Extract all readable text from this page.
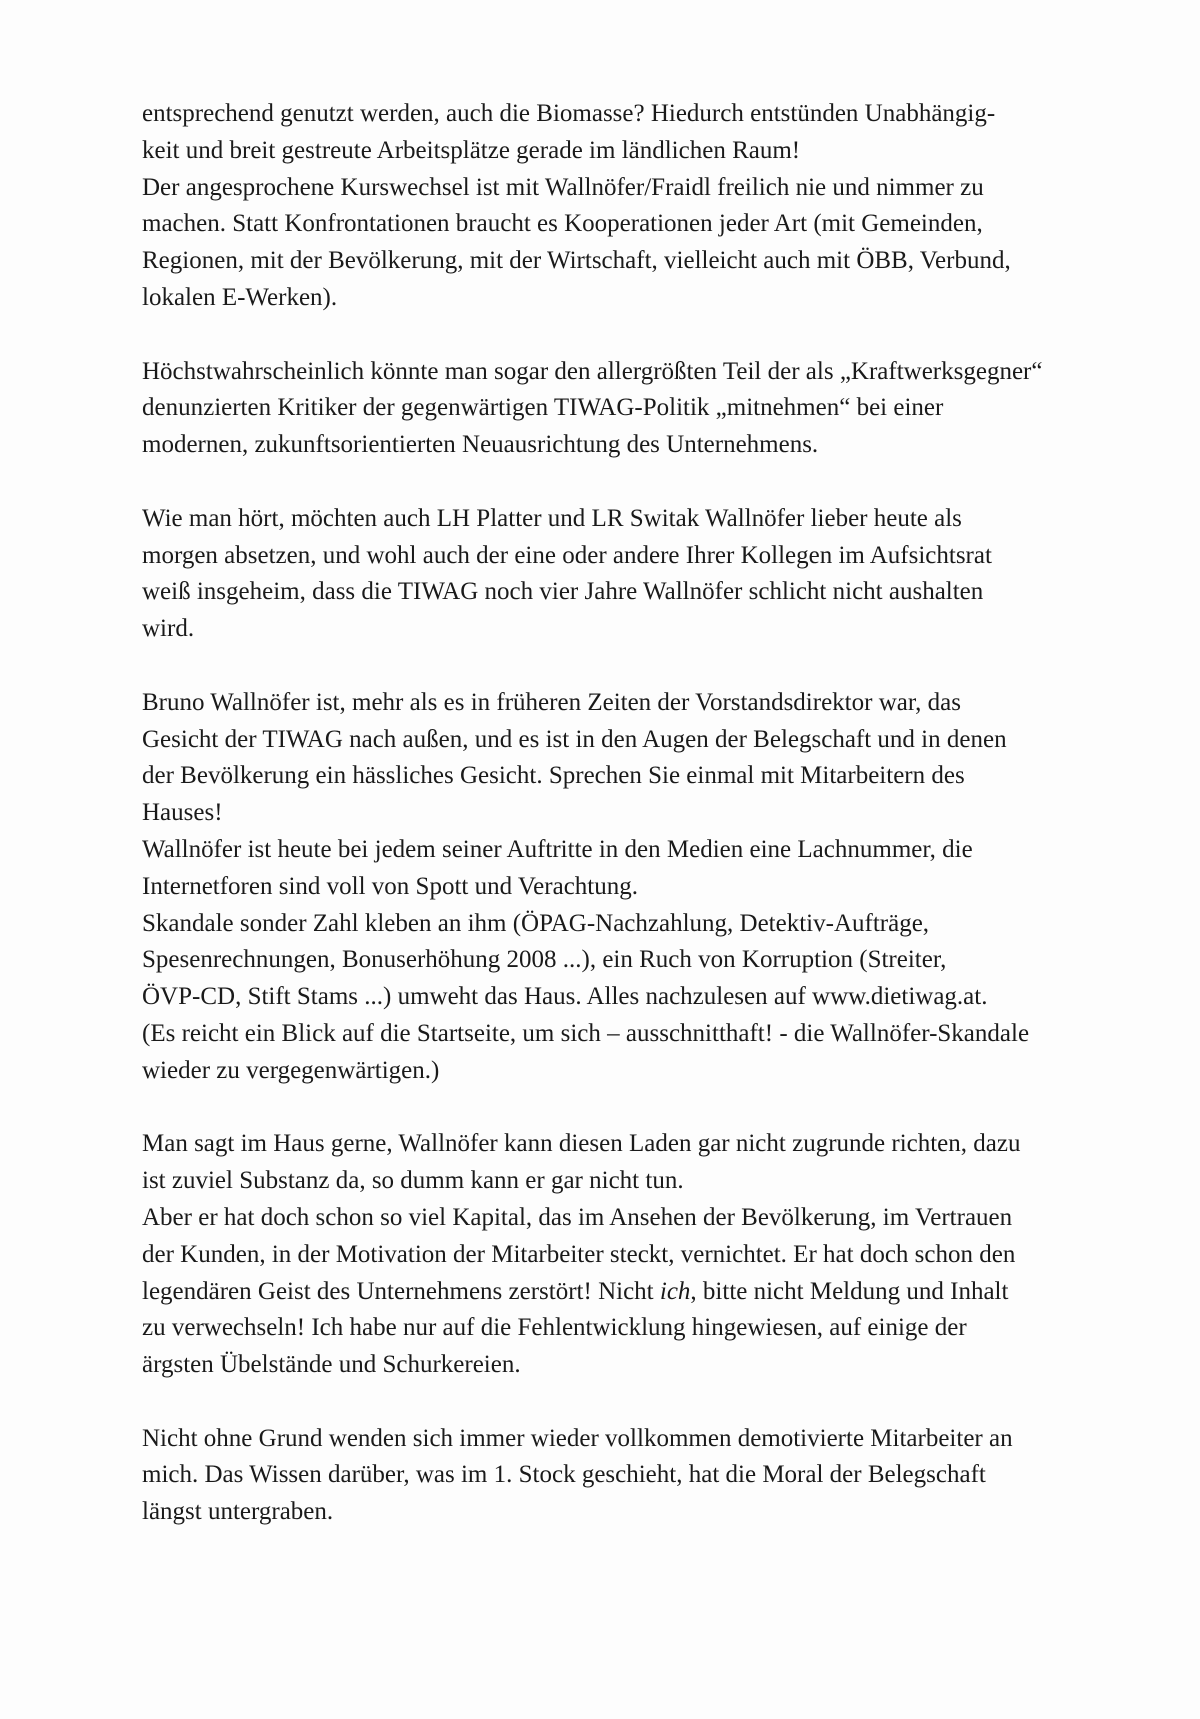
entsprechend genutzt werden, auch die Biomasse? Hiedurch entstünden Unabhängig-
keit und breit gestreute Arbeitsplätze gerade im ländlichen Raum!
Der angesprochene Kurswechsel ist mit Wallnöfer/Fraidl freilich nie und nimmer zu
machen. Statt Konfrontationen braucht es Kooperationen jeder Art (mit Gemeinden,
Regionen, mit der Bevölkerung, mit der Wirtschaft, vielleicht auch mit ÖBB, Verbund,
lokalen E-Werken).
Höchstwahrscheinlich könnte man sogar den allergrößten Teil der als „Kraftwerksgegner“
denunzierten Kritiker der gegenwärtigen TIWAG-Politik „mitnehmen“ bei einer
modernen, zukunftsorientierten Neuausrichtung des Unternehmens.
Wie man hört, möchten auch LH Platter und LR Switak Wallnöfer lieber heute als
morgen absetzen, und wohl auch der eine oder andere Ihrer Kollegen im Aufsichtsrat
weiß insgeheim, dass die TIWAG noch vier Jahre Wallnöfer schlicht nicht aushalten
wird.
Bruno Wallnöfer ist, mehr als es in früheren Zeiten der Vorstandsdirektor war, das
Gesicht der TIWAG nach außen, und es ist in den Augen der Belegschaft und in denen
der Bevölkerung ein hässliches Gesicht. Sprechen Sie einmal mit Mitarbeitern des
Hauses!
Wallnöfer ist heute bei jedem seiner Auftritte in den Medien eine Lachnummer, die
Internetforen sind voll von Spott und Verachtung.
Skandale sonder Zahl kleben an ihm (ÖPAG-Nachzahlung, Detektiv-Aufträge,
Spesenrechnungen, Bonuserhöhung 2008 ...), ein Ruch von Korruption (Streiter,
ÖVP-CD, Stift Stams ...) umweht das Haus. Alles nachzulesen auf www.dietiwag.at.
(Es reicht ein Blick auf die Startseite, um sich – ausschnitthaft! - die Wallnöfer-Skandale
wieder zu vergegenwärtigen.)
Man sagt im Haus gerne, Wallnöfer kann diesen Laden gar nicht zugrunde richten, dazu
ist zuviel Substanz da, so dumm kann er gar nicht tun.
Aber er hat doch schon so viel Kapital, das im Ansehen der Bevölkerung, im Vertrauen
der Kunden, in der Motivation der Mitarbeiter steckt, vernichtet. Er hat doch schon den
legendären Geist des Unternehmens zerstört! Nicht ich, bitte nicht Meldung und Inhalt
zu verwechseln! Ich habe nur auf die Fehlentwicklung hingewiesen, auf einige der
ärgsten Übelstände und Schurkereien.
Nicht ohne Grund wenden sich immer wieder vollkommen demotivierte Mitarbeiter an
mich. Das Wissen darüber, was im 1. Stock geschieht, hat die Moral der Belegschaft
längst untergraben.
